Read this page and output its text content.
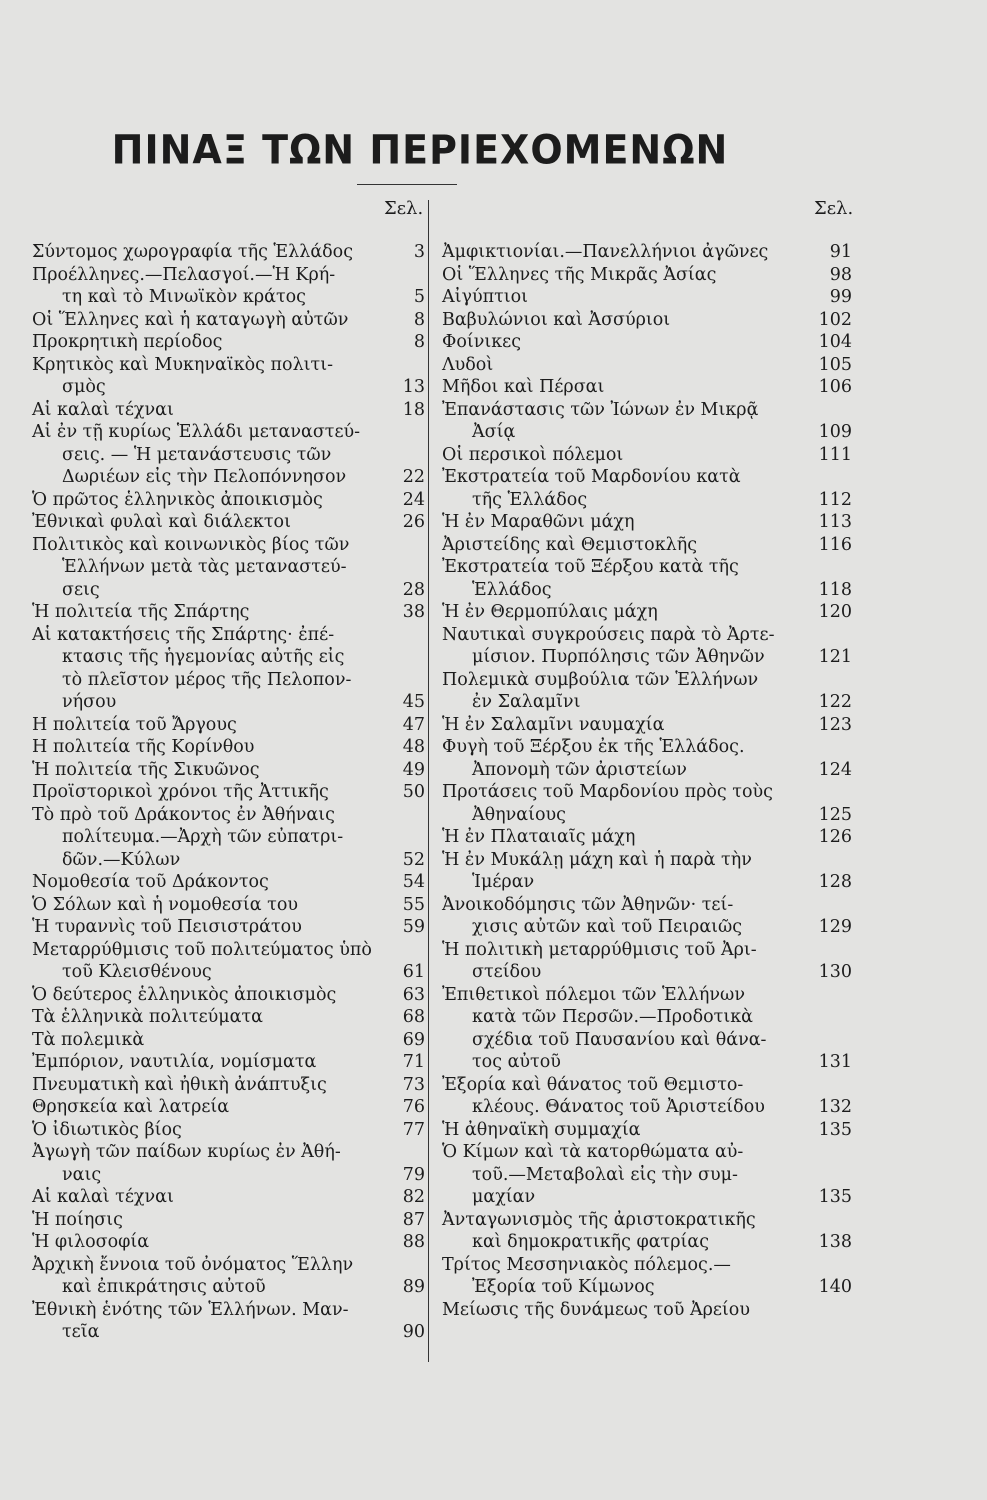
ΠΙΝΑΞ ΤΩΝ ΠΕΡΙΕΧΟΜΕΝΩΝ
Σελ.	Σελ.
Σύντομος χωρογραφία τῆς Ἑλλάδος	3
Προέλληνες.—Πελασγοί.—Ἡ Κρή-
τη καὶ τὸ Μινωϊκὸν κράτος	5
Οἱ Ἕλληνες καὶ ἡ καταγωγὴ αὐτῶν	8
Προκρητικὴ περίοδος	8
Κρητικὸς καὶ Μυκηναϊκὸς πολιτι-
σμὸς	13
Αἱ καλαὶ τέχναι	18
Αἱ ἐν τῇ κυρίως Ἑλλάδι μεταναστεύ-
σεις. — Ἡ μετανάστευσις τῶν
Δωριέων εἰς τὴν Πελοπόννησον	22
Ὁ πρῶτος ἑλληνικὸς ἀποικισμὸς	24
Ἐθνικαὶ φυλαὶ καὶ διάλεκτοι	26
Πολιτικὸς καὶ κοινωνικὸς βίος τῶν
Ἑλλήνων μετὰ τὰς μεταναστεύ-
σεις	28
Ἡ πολιτεία τῆς Σπάρτης	38
Αἱ κατακτήσεις τῆς Σπάρτης· ἐπέ-
κτασις τῆς ἡγεμονίας αὐτῆς εἰς
τὸ πλεῖστον μέρος τῆς Πελοπον-
νήσου	45
Η πολιτεία τοῦ Ἄργους	47
Η πολιτεία τῆς Κορίνθου	48
Ἡ πολιτεία τῆς Σικυῶνος	49
Προϊστορικοὶ χρόνοι τῆς Ἀττικῆς	50
Τὸ πρὸ τοῦ Δράκοντος ἐν Ἀθήναις
πολίτευμα.—Ἀρχὴ τῶν εὐπατρι-
δῶν.—Κύλων	52
Νομοθεσία τοῦ Δράκοντος	54
Ὁ Σόλων καὶ ἡ νομοθεσία του	55
Ἡ τυραννὶς τοῦ Πεισιστράτου	59
Μεταρρύθμισις τοῦ πολιτεύματος ὑπὸ
τοῦ Κλεισθένους	61
Ὁ δεύτερος ἑλληνικὸς ἀποικισμὸς	63
Τὰ ἑλληνικὰ πολιτεύματα	68
Τὰ πολεμικὰ	69
Ἐμπόριον, ναυτιλία, νομίσματα	71
Πνευματικὴ καὶ ἠθικὴ ἀνάπτυξις	73
Θρησκεία καὶ λατρεία	76
Ὁ ἰδιωτικὸς βίος	77
Ἀγωγὴ τῶν παίδων κυρίως ἐν Ἀθή-
ναις	79
Αἱ καλαὶ τέχναι	82
Ἡ ποίησις	87
Ἡ φιλοσοφία	88
Ἀρχικὴ ἔννοια τοῦ ὀνόματος Ἕλλην
καὶ ἐπικράτησις αὐτοῦ	89
Ἐθνικὴ ἑνότης τῶν Ἑλλήνων. Μαν-
τεῖα	90
Ἀμφικτιονίαι.—Πανελλήνιοι ἀγῶνες	91
Οἱ Ἕλληνες τῆς Μικρᾶς Ἀσίας	98
Αἰγύπτιοι	99
Βαβυλώνιοι καὶ Ἀσσύριοι	102
Φοίνικες	104
Λυδοὶ	105
Μῆδοι καὶ Πέρσαι	106
Ἐπανάστασις τῶν Ἰώνων ἐν Μικρᾷ
Ἀσίᾳ	109
Οἱ περσικοὶ πόλεμοι	111
Ἐκστρατεία τοῦ Μαρδονίου κατὰ
τῆς Ἑλλάδος	112
Ἡ ἐν Μαραθῶνι μάχη	113
Ἀριστείδης καὶ Θεμιστοκλῆς	116
Ἐκστρατεία τοῦ Ξέρξου κατὰ τῆς
Ἑλλάδος	118
Ἡ ἐν Θερμοπύλαις μάχη	120
Ναυτικαὶ συγκρούσεις παρὰ τὸ Ἀρτε-
μίσιον. Πυρπόλησις τῶν Ἀθηνῶν	121
Πολεμικὰ συμβούλια τῶν Ἑλλήνων
ἐν Σαλαμῖνι	122
Ἡ ἐν Σαλαμῖνι ναυμαχία	123
Φυγὴ τοῦ Ξέρξου ἐκ τῆς Ἑλλάδος.
Ἀπονομὴ τῶν ἀριστείων	124
Προτάσεις τοῦ Μαρδονίου πρὸς τοὺς
Ἀθηναίους	125
Ἡ ἐν Πλαταιαῖς μάχη	126
Ἡ ἐν Μυκάλῃ μάχη καὶ ἡ παρὰ τὴν
Ἱμέραν	128
Ἀνοικοδόμησις τῶν Ἀθηνῶν· τεί-
χισις αὐτῶν καὶ τοῦ Πειραιῶς	129
Ἡ πολιτικὴ μεταρρύθμισις τοῦ Ἀρι-
στείδου	130
Ἐπιθετικοὶ πόλεμοι τῶν Ἑλλήνων
κατὰ τῶν Περσῶν.—Προδοτικὰ
σχέδια τοῦ Παυσανίου καὶ θάνα-
τος αὐτοῦ	131
Ἐξορία καὶ θάνατος τοῦ Θεμιστο-
κλέους. Θάνατος τοῦ Ἀριστείδου	132
Ἡ ἀθηναϊκὴ συμμαχία	135
Ὁ Κίμων καὶ τὰ κατορθώματα αὐ-
τοῦ.—Μεταβολαὶ εἰς τὴν συμ-
μαχίαν	135
Ἀνταγωνισμὸς τῆς ἀριστοκρατικῆς
καὶ δημοκρατικῆς φατρίας	138
Τρίτος Μεσσηνιακὸς πόλεμος.—
Ἐξορία τοῦ Κίμωνος	140
Μείωσις τῆς δυνάμεως τοῦ Ἀρείου
